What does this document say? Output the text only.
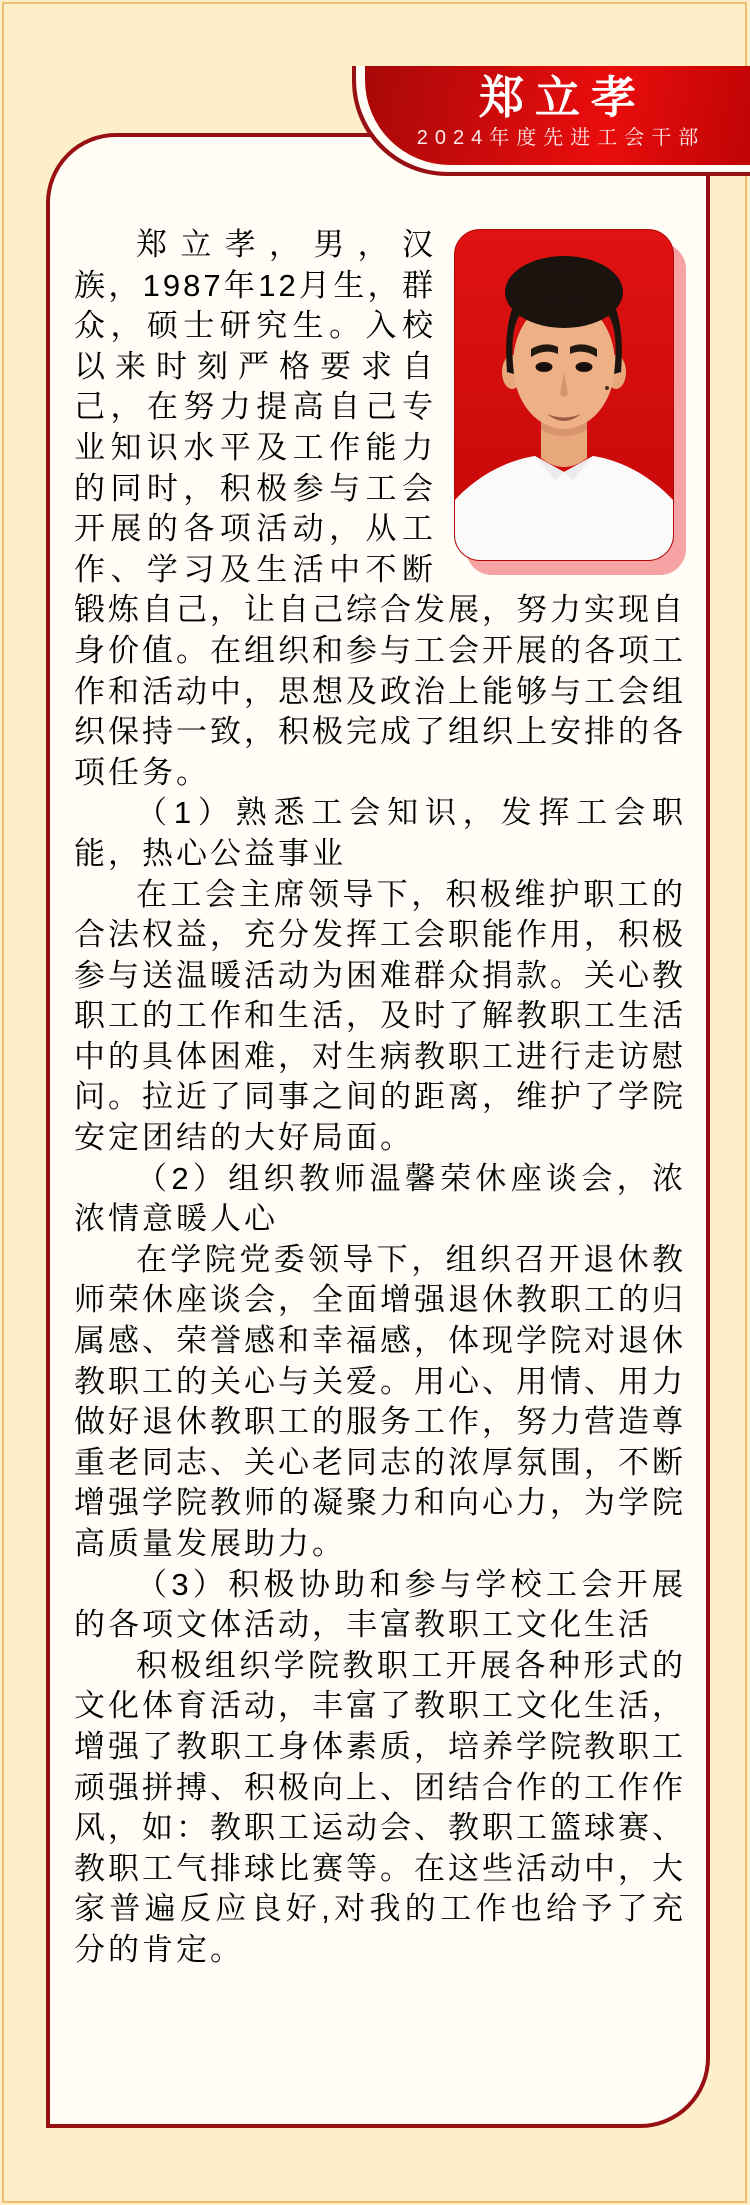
郑立孝，男，汉族，1987年12月生，群众，硕士研究生。入校以来时刻严格要求自己，在努力提高自己专业知识水平及工作能力的同时，积极参与工会开展的各项活动，从工作、学习及生活中不断锻炼自己，让自己综合发展，努力实现自身价值。在组织和参与工会开展的各项工作和活动中，思想及政治上能够与工会组织保持一致，积极完成了组织上安排的各项任务。

（1）熟悉工会知识，发挥工会职能，热心公益事业

在工会主席领导下，积极维护职工的合法权益，充分发挥工会职能作用，积极参与送温暖活动为困难群众捐款。关心教职工的工作和生活，及时了解教职工生活中的具体困难，对生病教职工进行走访慰问。拉近了同事之间的距离，维护了学院安定团结的大好局面。

（2）组织教师温馨荣休座谈会，浓浓情意暖人心

在学院党委领导下，组织召开退休教师荣休座谈会，全面增强退休教职工的归属感、荣誉感和幸福感，体现学院对退休教职工的关心与关爱。用心、用情、用力做好退休教职工的服务工作，努力营造尊重老同志、关心老同志的浓厚氛围，不断增强学院教师的凝聚力和向心力，为学院高质量发展助力。

（3）积极协助和参与学校工会开展的各项文体活动，丰富教职工文化生活

积极组织学院教职工开展各种形式的文化体育活动，丰富了教职工文化生活，增强了教职工身体素质，培养学院教职工顽强拼搏、积极向上、团结合作的工作作风，如：教职工运动会、教职工篮球赛、教职工气排球比赛等。在这些活动中，大家普遍反应良好,对我的工作也给予了充分的肯定。

郑立孝
2024年度先进工会干部
